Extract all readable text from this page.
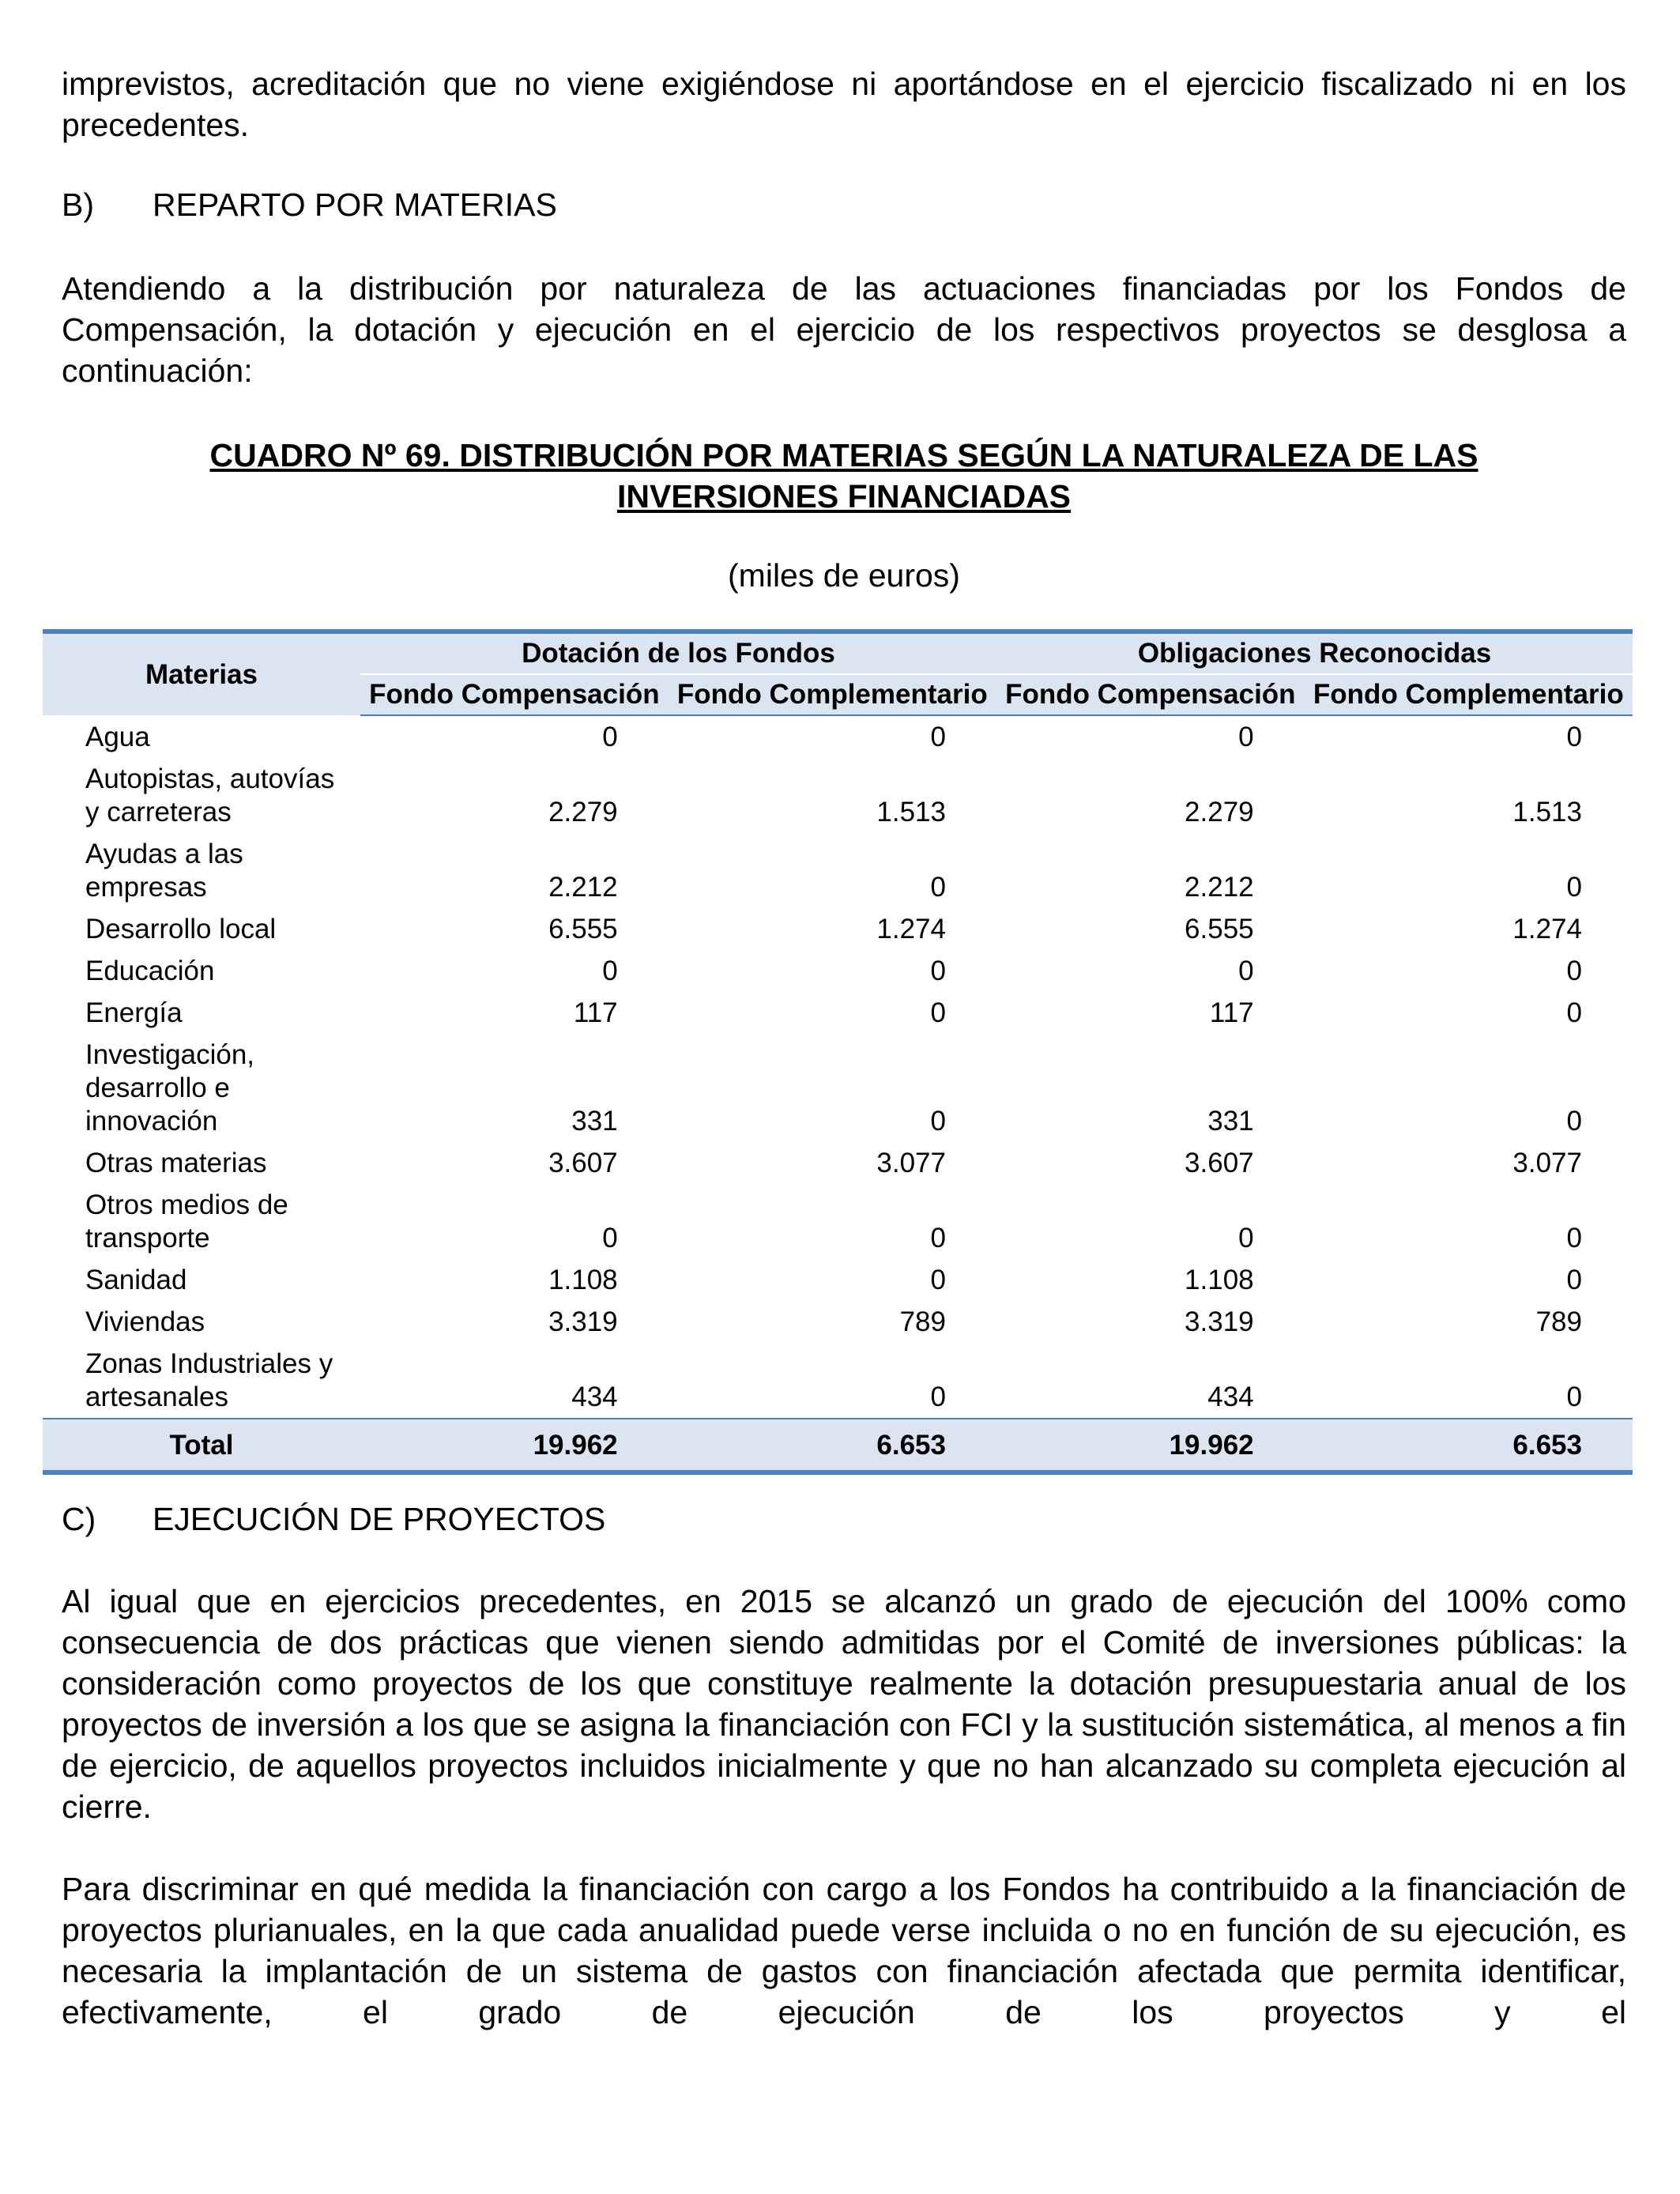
imprevistos, acreditación que no viene exigiéndose ni aportándose en el ejercicio fiscalizado ni en los precedentes.

B) REPARTO POR MATERIAS

Atendiendo a la distribución por naturaleza de las actuaciones financiadas por los Fondos de Compensación, la dotación y ejecución en el ejercicio de los respectivos proyectos se desglosa a continuación:

CUADRO Nº 69. DISTRIBUCIÓN POR MATERIAS SEGÚN LA NATURALEZA DE LAS INVERSIONES FINANCIADAS

(miles de euros)

Materias	Dotación de los Fondos		Obligaciones Reconocidas	
	Fondo Compensación	Fondo Complementario	Fondo Compensación	Fondo Complementario
Agua	0	0	0	0
Autopistas, autovías y carreteras	2.279	1.513	2.279	1.513
Ayudas a las empresas	2.212	0	2.212	0
Desarrollo local	6.555	1.274	6.555	1.274
Educación	0	0	0	0
Energía	117	0	117	0
Investigación, desarrollo e innovación	331	0	331	0
Otras materias	3.607	3.077	3.607	3.077
Otros medios de transporte	0	0	0	0
Sanidad	1.108	0	1.108	0
Viviendas	3.319	789	3.319	789
Zonas Industriales y artesanales	434	0	434	0
Total	19.962	6.653	19.962	6.653

C) EJECUCIÓN DE PROYECTOS

Al igual que en ejercicios precedentes, en 2015 se alcanzó un grado de ejecución del 100% como consecuencia de dos prácticas que vienen siendo admitidas por el Comité de inversiones públicas: la consideración como proyectos de los que constituye realmente la dotación presupuestaria anual de los proyectos de inversión a los que se asigna la financiación con FCI y la sustitución sistemática, al menos a fin de ejercicio, de aquellos proyectos incluidos inicialmente y que no han alcanzado su completa ejecución al cierre.

Para discriminar en qué medida la financiación con cargo a los Fondos ha contribuido a la financiación de proyectos plurianuales, en la que cada anualidad puede verse incluida o no en función de su ejecución, es necesaria la implantación de un sistema de gastos con financiación afectada que permita identificar, efectivamente, el grado de ejecución de los proyectos y el
